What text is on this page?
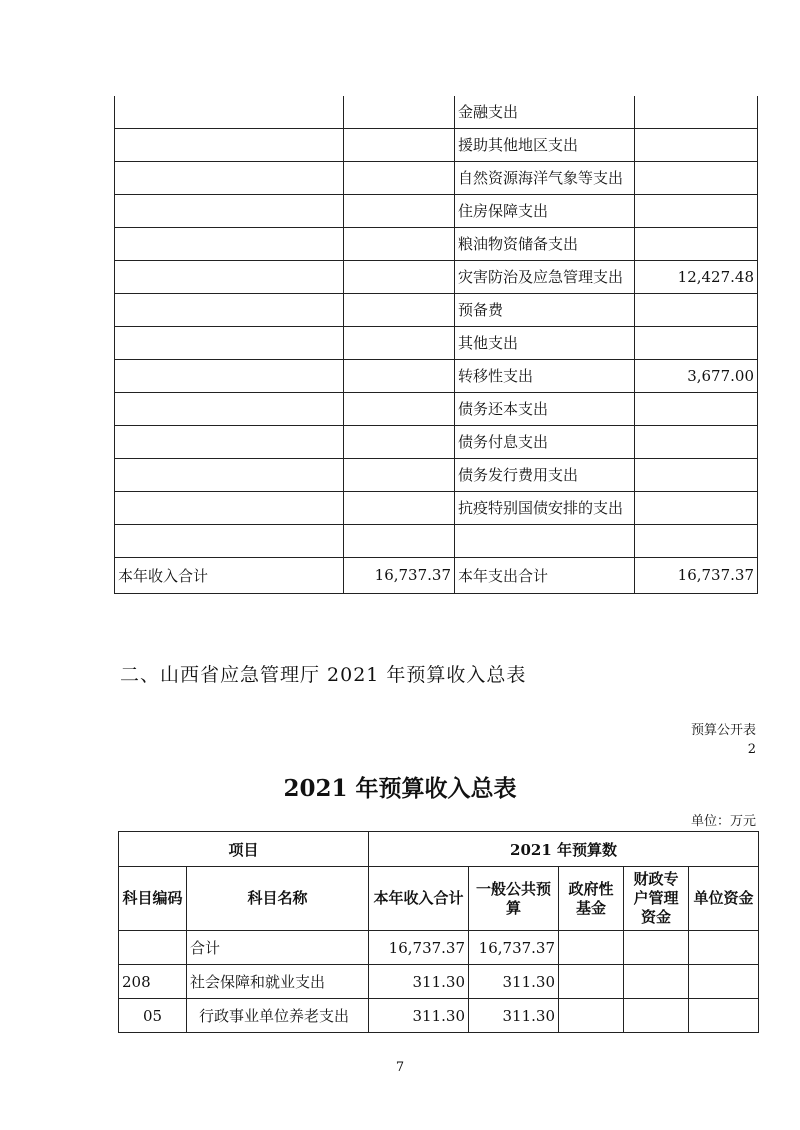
		金融支出	
		援助其他地区支出	
		自然资源海洋气象等支出	
		住房保障支出	
		粮油物资储备支出	
		灾害防治及应急管理支出	12,427.48
		预备费	
		其他支出	
		转移性支出	3,677.00
		债务还本支出	
		债务付息支出	
		债务发行费用支出	
		抗疫特别国债安排的支出	

本年收入合计	16,737.37	本年支出合计	16,737.37
二、山西省应急管理厅 2021 年预算收入总表
预算公开表
2
2021 年预算收入总表
单位：万元
项目		2021 年预算数				
科目编码	科目名称	本年收入合计	一般公共预算	政府性基金	财政专户管理资金	单位资金
	合计	16,737.37	16,737.37			
208	社会保障和就业支出	311.30	311.30			
05	行政事业单位养老支出	311.30	311.30			
7
